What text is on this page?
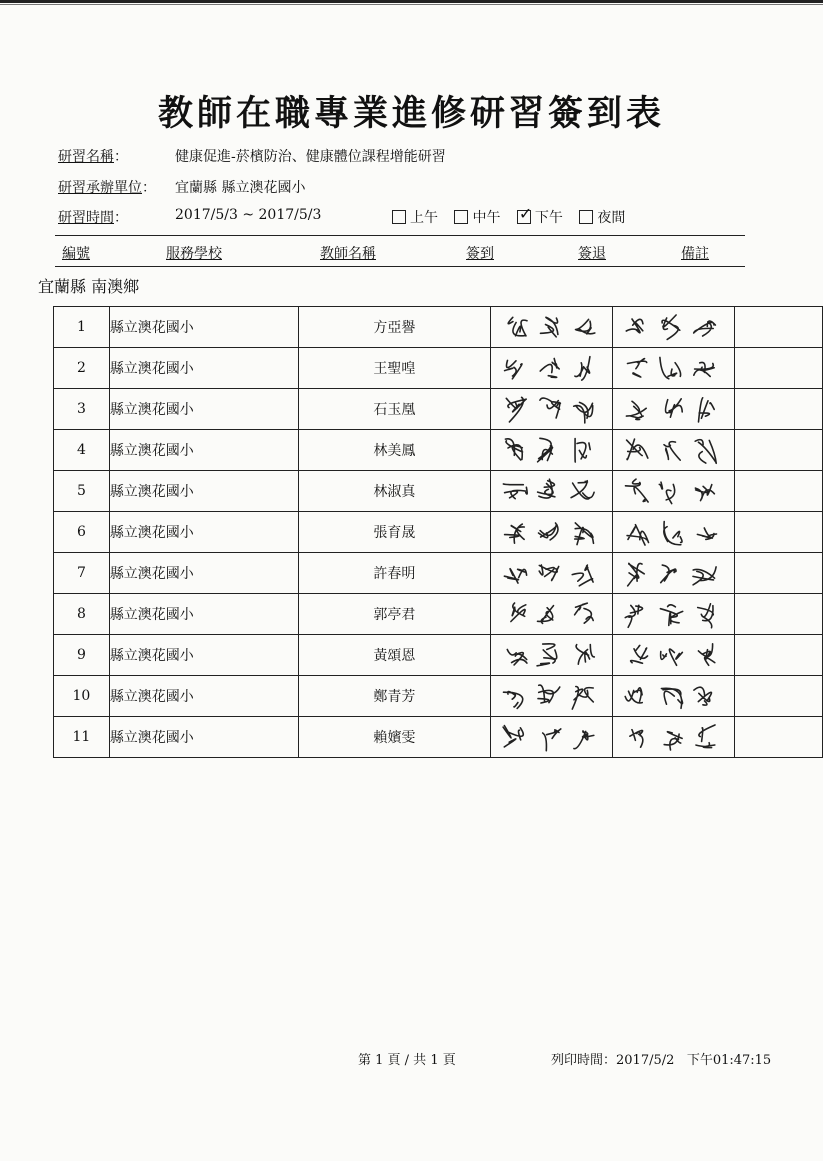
教師在職專業進修研習簽到表
研習名稱：	健康促進-菸檳防治、健康體位課程增能研習
研習承辦單位： 宜蘭縣 縣立澳花國小
研習時間：	2017/5/3 ~ 2017/5/3	上午
中午
✓ 下午
夜間
編號	服務學校	教師名稱	簽到	簽退	備註
宜蘭縣 南澳鄉
1	縣立澳花國小	方亞譽	

2	縣立澳花國小	王聖喤	

3	縣立澳花國小	石玉凰	

4	縣立澳花國小	林美鳳	

5	縣立澳花國小	林淑真	

6	縣立澳花國小	張育晟	

7	縣立澳花國小	許春明	

8	縣立澳花國小	郭亭君	

9	縣立澳花國小	黃頌恩	

10	縣立澳花國小	鄭青芳	

11	縣立澳花國小	賴嬪雯	

第 1 頁 / 共 1 頁	列印時間：2017/5/2 下午01:47:15
